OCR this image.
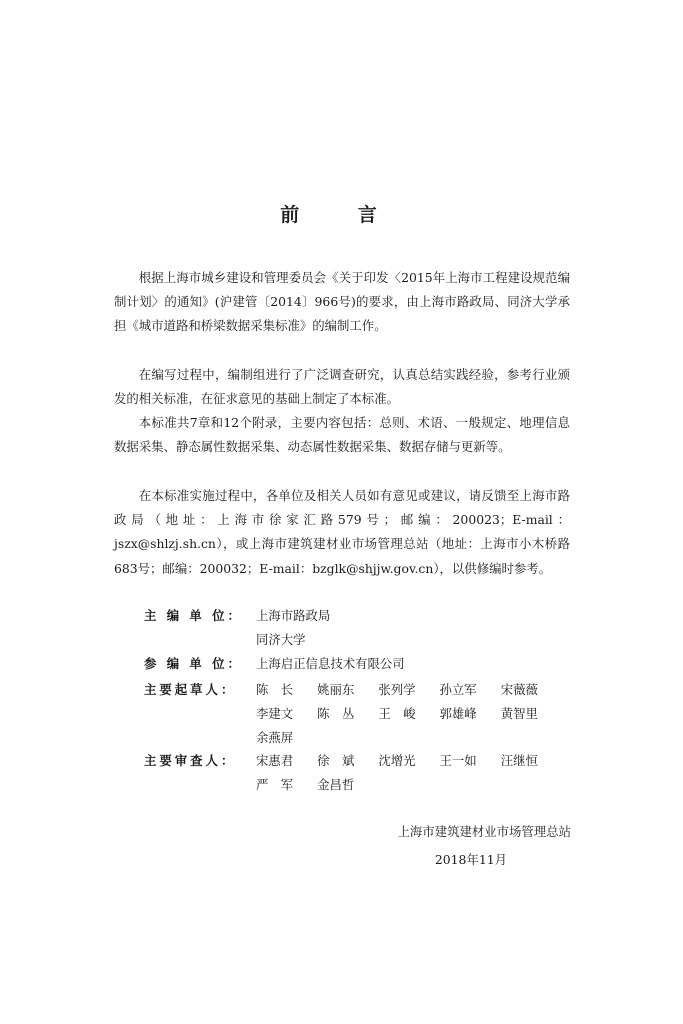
前 言

根据上海市城乡建设和管理委员会《关于印发〈2015年上海市工程建设规范编制计划〉的通知》(沪建管〔2014〕966号)的要求，由上海市路政局、同济大学承担《城市道路和桥梁数据采集标准》的编制工作。

在编写过程中，编制组进行了广泛调查研究，认真总结实践经验，参考行业颁发的相关标准，在征求意见的基础上制定了本标准。

本标准共7章和12个附录，主要内容包括：总则、术语、一般规定、地理信息数据采集、静态属性数据采集、动态属性数据采集、数据存储与更新等。

在本标准实施过程中，各单位及相关人员如有意见或建议，请反馈至上海市路政局（地址：上海市徐家汇路579号；邮编：200023；E-mail：jszx@shlzj.sh.cn），或上海市建筑建材业市场管理总站（地址：上海市小木桥路683号；邮编：200032；E-mail：bzglk@shjjw.gov.cn），以供修编时参考。

主 编 单 位：	上海市路政局
同济大学
参 编 单 位：	上海启正信息技术有限公司
主要起草人：	陈　长 姚丽东 张列学 孙立军 宋薇薇
李建文 陈　丛 王　峻 郭雄峰 黄智里
余燕屏
主要审查人：	宋惠君 徐　斌 沈增光 王一如 汪继恒
严　军 金昌哲
上海市建筑建材业市场管理总站
2018年11月
